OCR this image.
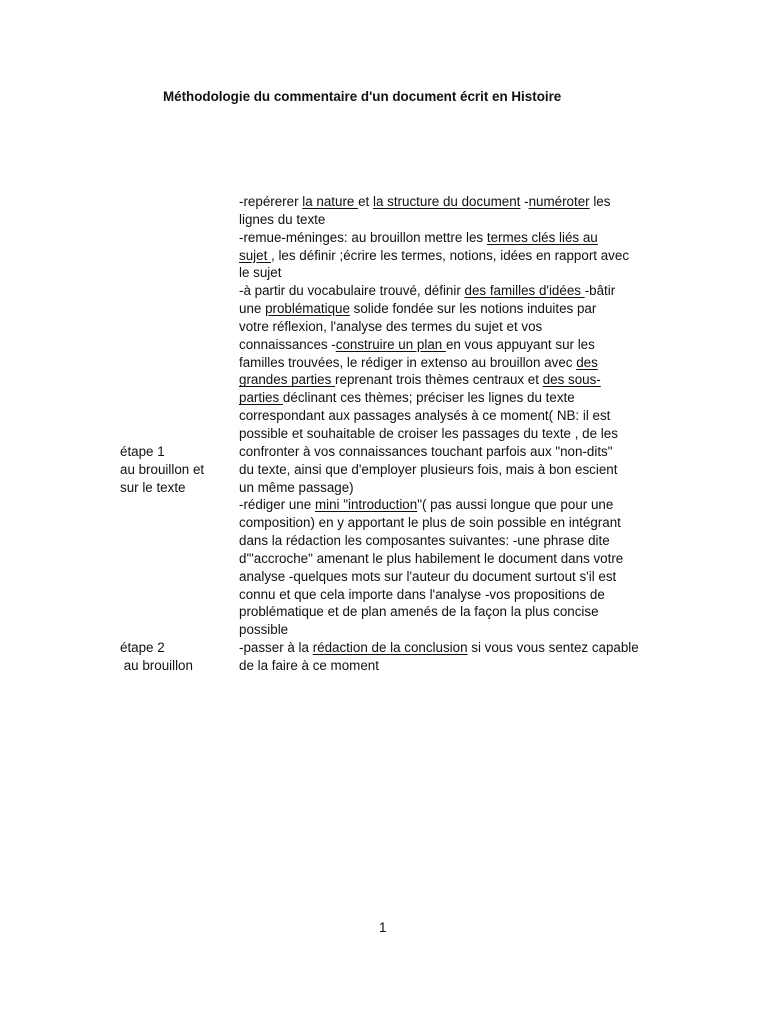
Méthodologie du commentaire d'un document écrit en Histoire
étape 1
au brouillon et
sur le texte
étape 2
au brouillon
-repérerer la nature et la structure du document -numéroter les
lignes du texte
-remue-méninges: au brouillon mettre les termes clés liés au
sujet , les définir ;écrire les termes, notions, idées en rapport avec
le sujet
-à partir du vocabulaire trouvé, définir des familles d'idées -bâtir
une problématique solide fondée sur les notions induites par
votre réflexion, l'analyse des termes du sujet et vos
connaissances -construire un plan en vous appuyant sur les
familles trouvées, le rédiger in extenso au brouillon avec des
grandes parties reprenant trois thèmes centraux et des sous-
parties déclinant ces thèmes; préciser les lignes du texte
correspondant aux passages analysés à ce moment( NB: il est
possible et souhaitable de croiser les passages du texte , de les
confronter à vos connaissances touchant parfois aux "non-dits"
du texte, ainsi que d'employer plusieurs fois, mais à bon escient
un même passage)
-rédiger une mini "introduction"( pas aussi longue que pour une
composition) en y apportant le plus de soin possible en intégrant
dans la rédaction les composantes suivantes: -une phrase dite
d'"accroche" amenant le plus habilement le document dans votre
analyse -quelques mots sur l'auteur du document surtout s'il est
connu et que cela importe dans l'analyse -vos propositions de
problématique et de plan amenés de la façon la plus concise
possible
-passer à la rédaction de la conclusion si vous vous sentez capable
de la faire à ce moment
1
